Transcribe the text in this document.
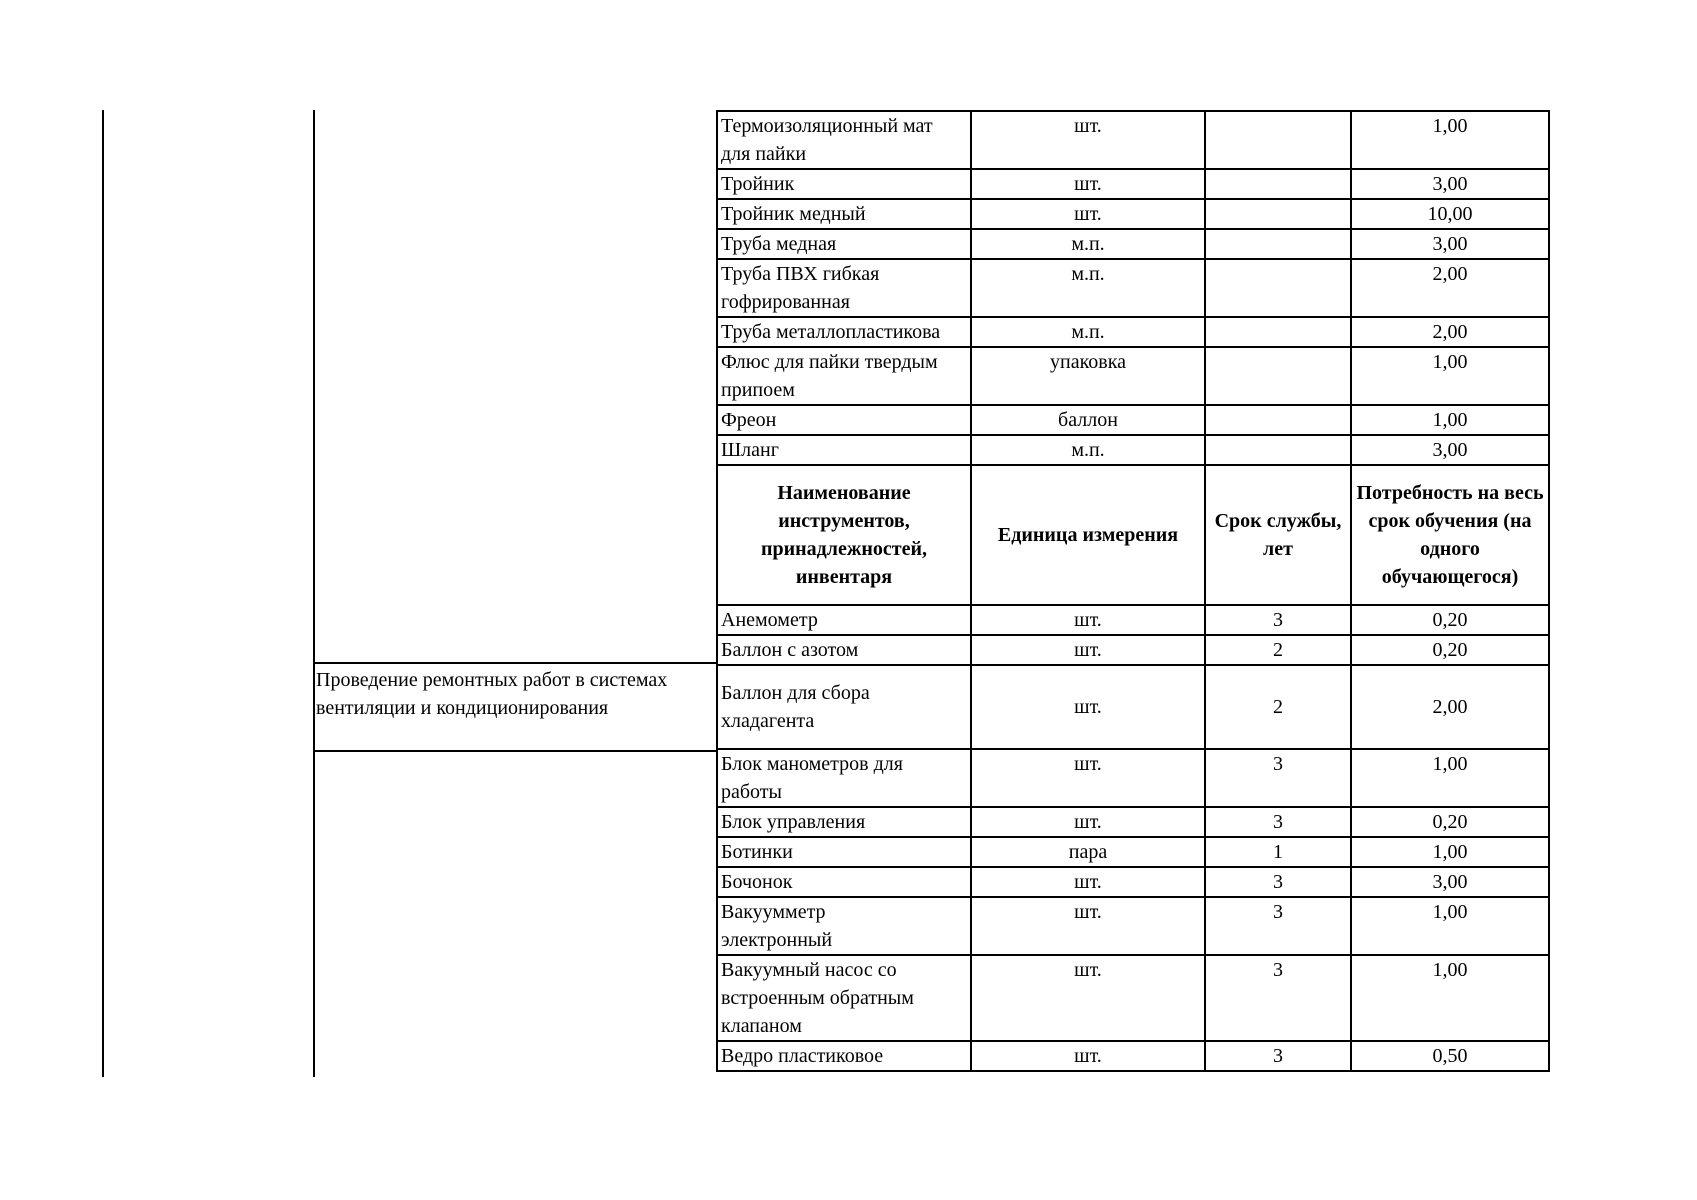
Проведение ремонтных работ в системах вентиляции и кондиционирования
Термоизоляционный мат
для пайки	шт.		1,00

Тройник	шт.		3,00

Тройник медный	шт.		10,00

Труба медная	м.п.		3,00

Труба ПВХ гибкая
гофрированная	м.п.		2,00

Труба металлопластикова	м.п.		2,00

Флюс для пайки твердым
припоем	упаковка		1,00

Фреон	баллон		1,00

Шланг	м.п.		3,00
Наименование инструментов, принадлежностей, инвентаря	Единица измерения	Срок службы, лет	Потребность на весь срок обучения (на одного обучающегося)

Анемометр	шт.	3	0,20

Баллон с азотом	шт.	2	0,20

Баллон для сбора
хладагента	шт.	2	2,00

Блок манометров для
работы	шт.	3	1,00

Блок управления	шт.	3	0,20

Ботинки	пара	1	1,00

Бочонок	шт.	3	3,00

Вакуумметр
электронный	шт.	3	1,00

Вакуумный насос со
встроенным обратным
клапаном	шт.	3	1,00

Ведро пластиковое	шт.	3	0,50
